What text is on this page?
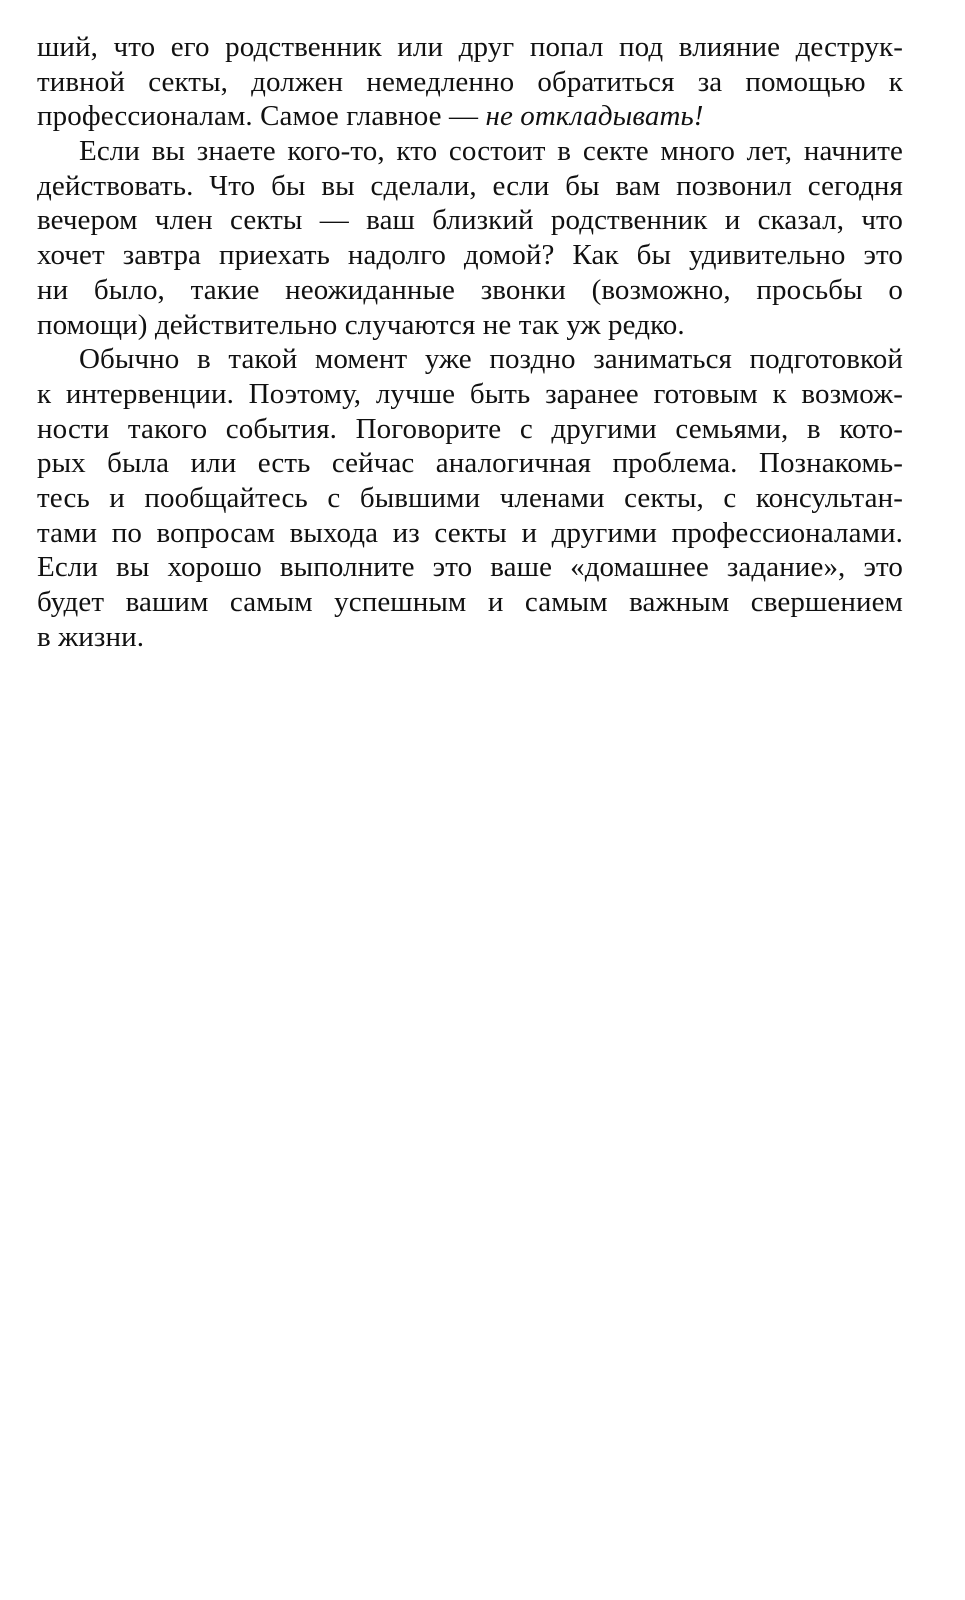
ший, что его родственник или друг попал под влияние деструк-
тивной секты, должен немедленно обратиться за помощью к
профессионалам. Самое главное — не откладывать!
Если вы знаете кого-то, кто состоит в секте много лет, начните
действовать. Что бы вы сделали, если бы вам позвонил сегодня
вечером член секты — ваш близкий родственник и сказал, что
хочет завтра приехать надолго домой? Как бы удивительно это
ни было, такие неожиданные звонки (возможно, просьбы о
помощи) действительно случаются не так уж редко.
Обычно в такой момент уже поздно заниматься подготовкой
к интервенции. Поэтому, лучше быть заранее готовым к возмож-
ности такого события. Поговорите с другими семьями, в кото-
рых была или есть сейчас аналогичная проблема. Познакомь-
тесь и пообщайтесь с бывшими членами секты, с консультан-
тами по вопросам выхода из секты и другими профессионалами.
Если вы хорошо выполните это ваше «домашнее задание», это
будет вашим самым успешным и самым важным свершением
в жизни.
